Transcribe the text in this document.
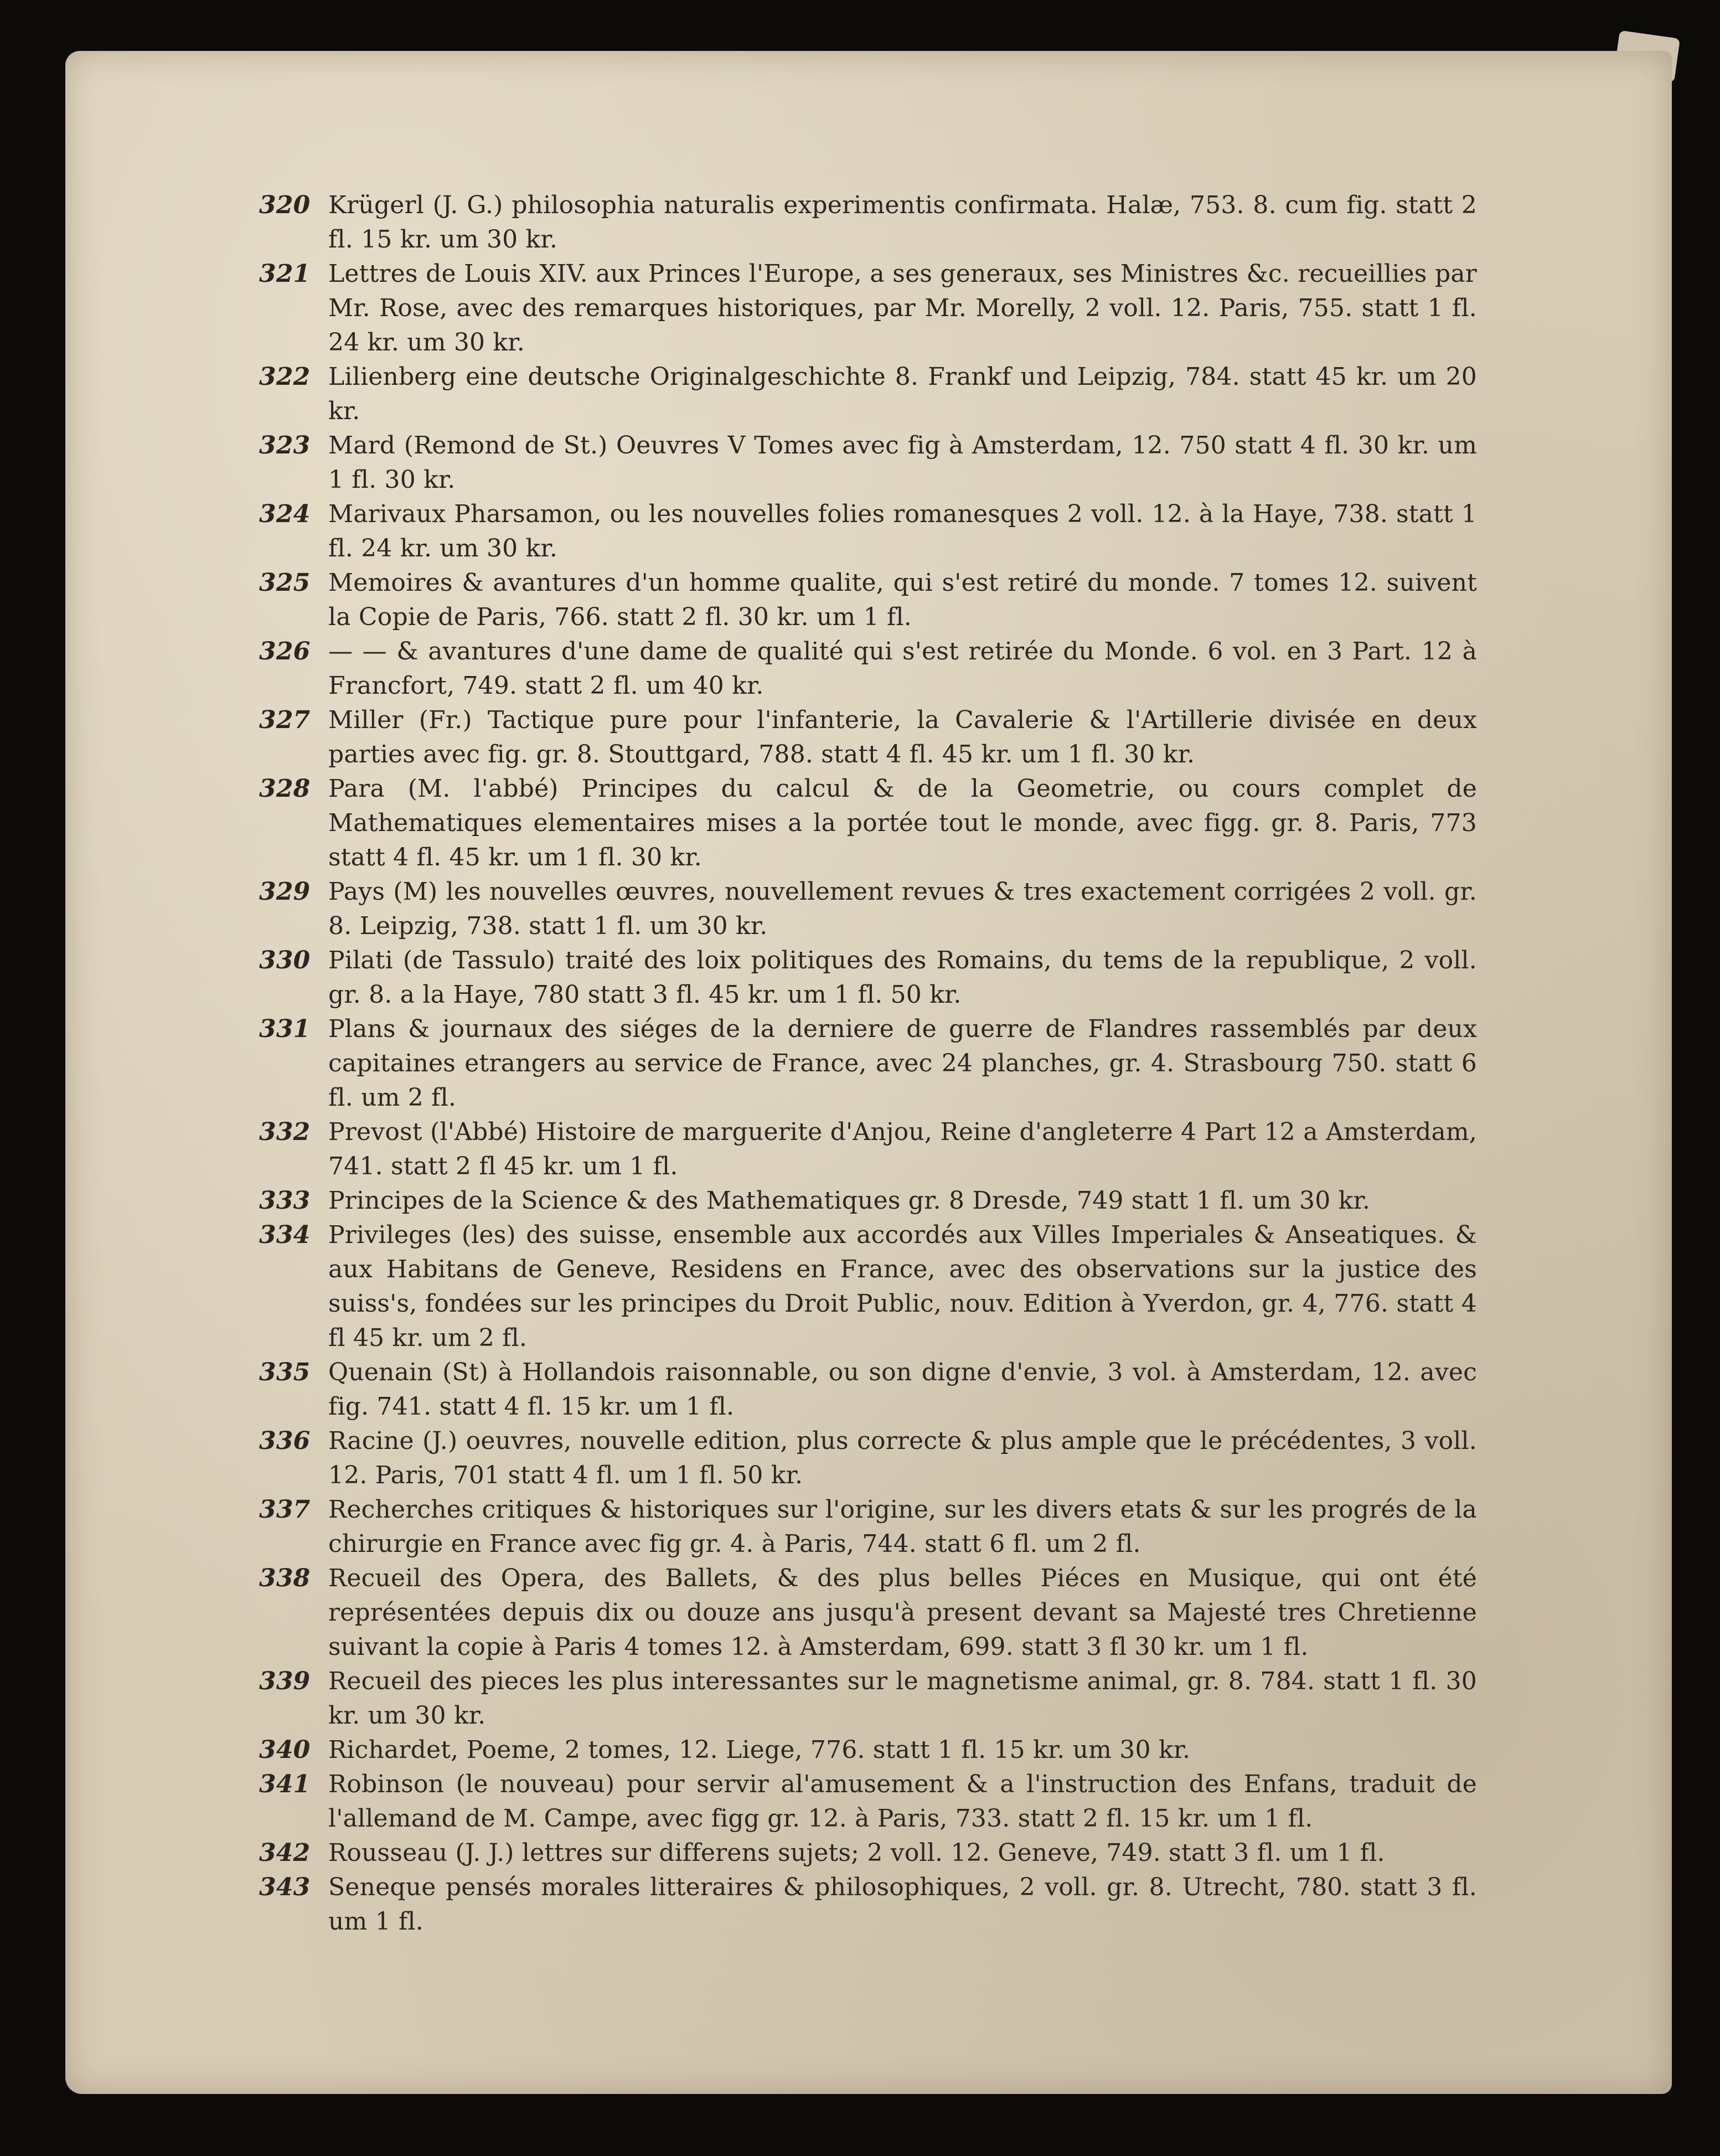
320 Krügerl (J. G.) philosophia naturalis experimentis confirmata. Halæ, 753. 8. cum fig. statt 2 fl. 15 kr. um 30 kr.
321 Lettres de Louis XIV. aux Princes l'Europe, a ses generaux, ses Ministres &c. recueillies par Mr. Rose, avec des remarques historiques, par Mr. Morelly, 2 voll. 12. Paris, 755. statt 1 fl. 24 kr. um 30 kr.
322 Lilienberg eine deutsche Originalgeschichte 8. Frankf und Leipzig, 784. statt 45 kr. um 20 kr.
323 Mard (Remond de St.) Oeuvres V Tomes avec fig à Amsterdam, 12. 750 statt 4 fl. 30 kr. um 1 fl. 30 kr.
324 Marivaux Pharsamon, ou les nouvelles folies romanesques 2 voll. 12. à la Haye, 738. statt 1 fl. 24 kr. um 30 kr.
325 Memoires & avantures d'un homme qualite, qui s'est retiré du monde. 7 tomes 12. suivent la Copie de Paris, 766. statt 2 fl. 30 kr. um 1 fl.
326 — — & avantures d'une dame de qualité qui s'est retirée du Monde. 6 vol. en 3 Part. 12 à Francfort, 749. statt 2 fl. um 40 kr.
327 Miller (Fr.) Tactique pure pour l'infanterie, la Cavalerie & l'Artillerie divisée en deux parties avec fig. gr. 8. Stouttgard, 788. statt 4 fl. 45 kr. um 1 fl. 30 kr.
328 Para (M. l'abbé) Principes du calcul & de la Geometrie, ou cours complet de Mathematiques elementaires mises a la portée tout le monde, avec figg. gr. 8. Paris, 773 statt 4 fl. 45 kr. um 1 fl. 30 kr.
329 Pays (M) les nouvelles œuvres, nouvellement revues & tres exactement corrigées 2 voll. gr. 8. Leipzig, 738. statt 1 fl. um 30 kr.
330 Pilati (de Tassulo) traité des loix politiques des Romains, du tems de la republique, 2 voll. gr. 8. a la Haye, 780 statt 3 fl. 45 kr. um 1 fl. 50 kr.
331 Plans & journaux des siéges de la derniere de guerre de Flandres rassemblés par deux capitaines etrangers au service de France, avec 24 planches, gr. 4. Strasbourg 750. statt 6 fl. um 2 fl.
332 Prevost (l'Abbé) Histoire de marguerite d'Anjou, Reine d'angleterre 4 Part 12 a Amsterdam, 741. statt 2 fl 45 kr. um 1 fl.
333 Principes de la Science & des Mathematiques gr. 8 Dresde, 749 statt 1 fl. um 30 kr.
334 Privileges (les) des suisse, ensemble aux accordés aux Villes Imperiales & Anseatiques. & aux Habitans de Geneve, Residens en France, avec des observations sur la justice des suiss's, fondées sur les principes du Droit Public, nouv. Edition à Yverdon, gr. 4, 776. statt 4 fl 45 kr. um 2 fl.
335 Quenain (St) à Hollandois raisonnable, ou son digne d'envie, 3 vol. à Amsterdam, 12. avec fig. 741. statt 4 fl. 15 kr. um 1 fl.
336 Racine (J.) oeuvres, nouvelle edition, plus correcte & plus ample que le précédentes, 3 voll. 12. Paris, 701 statt 4 fl. um 1 fl. 50 kr.
337 Recherches critiques & historiques sur l'origine, sur les divers etats & sur les progrés de la chirurgie en France avec fig gr. 4. à Paris, 744. statt 6 fl. um 2 fl.
338 Recueil des Opera, des Ballets, & des plus belles Piéces en Musique, qui ont été représentées depuis dix ou douze ans jusqu'à present devant sa Majesté tres Chretienne suivant la copie à Paris 4 tomes 12. à Amsterdam, 699. statt 3 fl 30 kr. um 1 fl.
339 Recueil des pieces les plus interessantes sur le magnetisme animal, gr. 8. 784. statt 1 fl. 30 kr. um 30 kr.
340 Richardet, Poeme, 2 tomes, 12. Liege, 776. statt 1 fl. 15 kr. um 30 kr.
341 Robinson (le nouveau) pour servir al'amusement & a l'instruction des Enfans, traduit de l'allemand de M. Campe, avec figg gr. 12. à Paris, 733. statt 2 fl. 15 kr. um 1 fl.
342 Rousseau (J. J.) lettres sur differens sujets; 2 voll. 12. Geneve, 749. statt 3 fl. um 1 fl.
343 Seneque pensés morales litteraires & philosophiques, 2 voll. gr. 8. Utrecht, 780. statt 3 fl. um 1 fl.
